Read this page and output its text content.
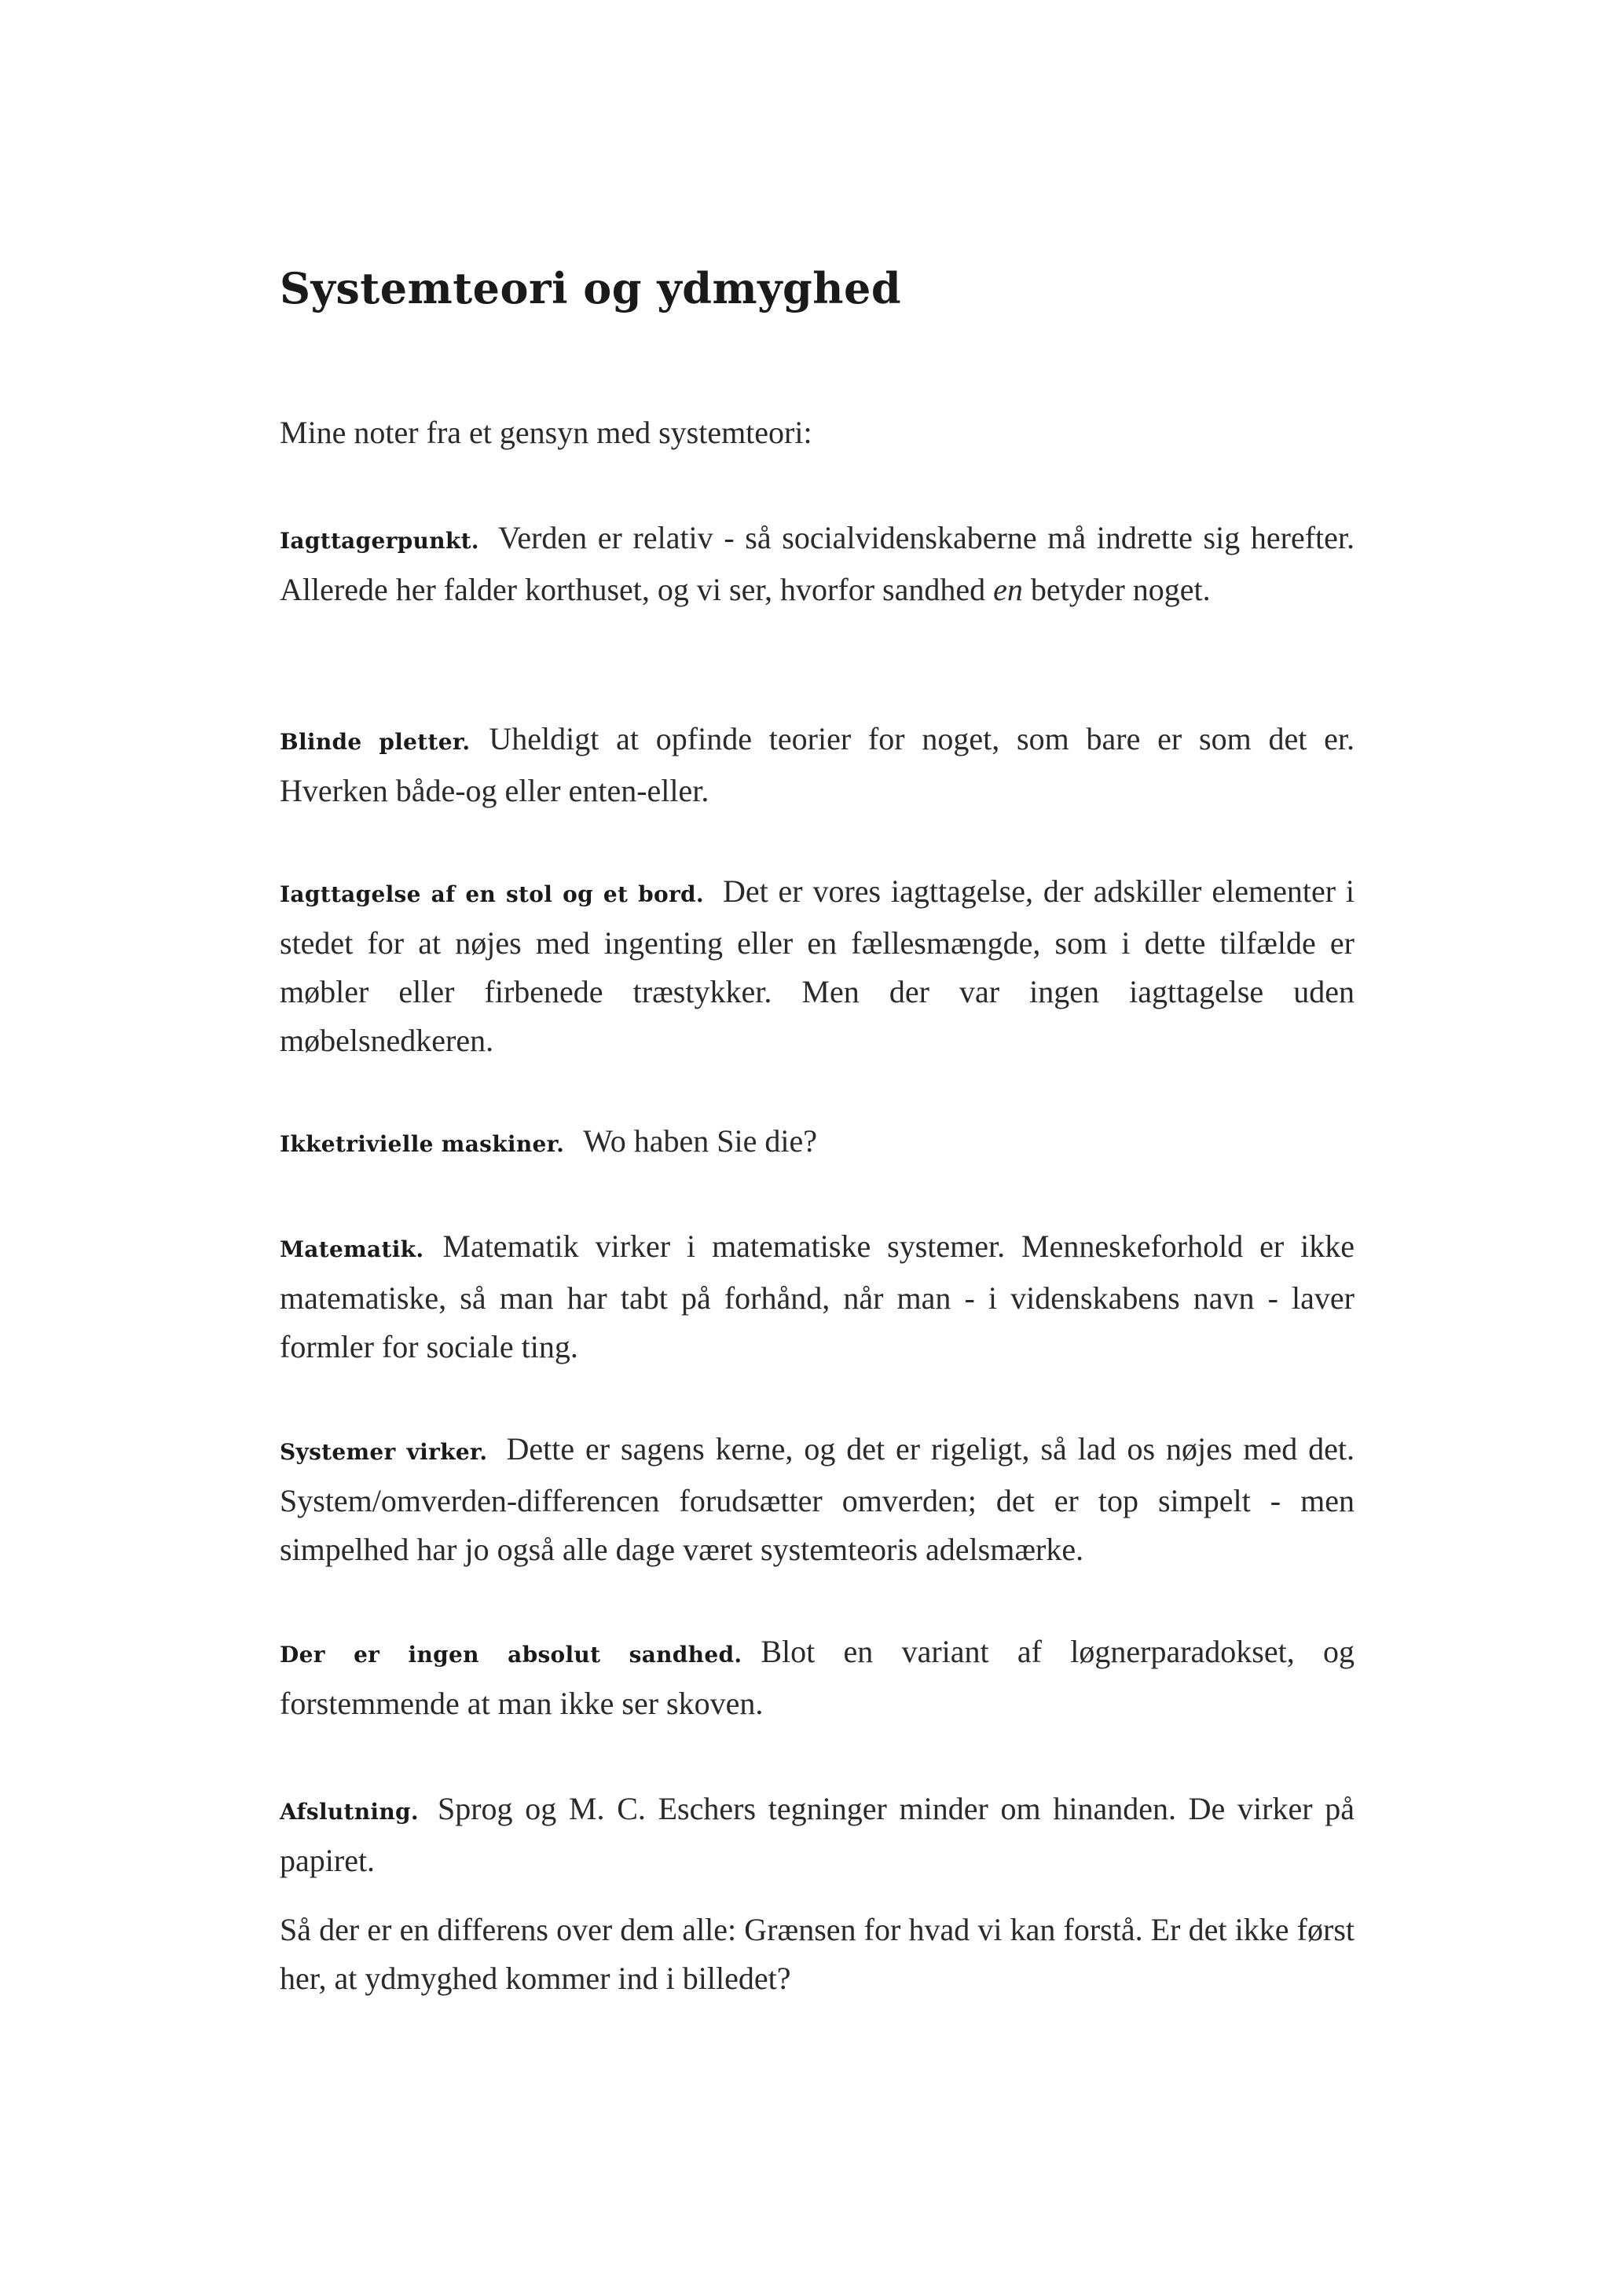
Systemteori og ydmyghed

Mine noter fra et gensyn med systemteori:

Iagttagerpunkt. Verden er relativ - så socialvidenskaberne må indrette sig herefter. Allerede her falder korthuset, og vi ser, hvorfor sandhed en betyder noget.

Blinde pletter. Uheldigt at opfinde teorier for noget, som bare er som det er. Hverken både-og eller enten-eller.

Iagttagelse af en stol og et bord. Det er vores iagttagelse, der adskiller elementer i stedet for at nøjes med ingenting eller en fællesmængde, som i dette tilfælde er møbler eller firbenede træstykker. Men der var ingen iagttagelse uden møbelsnedkeren.

Ikketrivielle maskiner. Wo haben Sie die?

Matematik. Matematik virker i matematiske systemer. Menneskeforhold er ikke matematiske, så man har tabt på forhånd, når man - i videnskabens navn - laver formler for sociale ting.

Systemer virker. Dette er sagens kerne, og det er rigeligt, så lad os nøjes med det. System/omverden-differencen forudsætter omverden; det er top simpelt - men simpelhed har jo også alle dage været systemteoris adelsmærke.

Der er ingen absolut sandhed. Blot en variant af løgnerparadokset, og forstemmende at man ikke ser skoven.

Afslutning. Sprog og M. C. Eschers tegninger minder om hinanden. De virker på papiret.

Så der er en differens over dem alle: Grænsen for hvad vi kan forstå. Er det ikke først her, at ydmyghed kommer ind i billedet?
